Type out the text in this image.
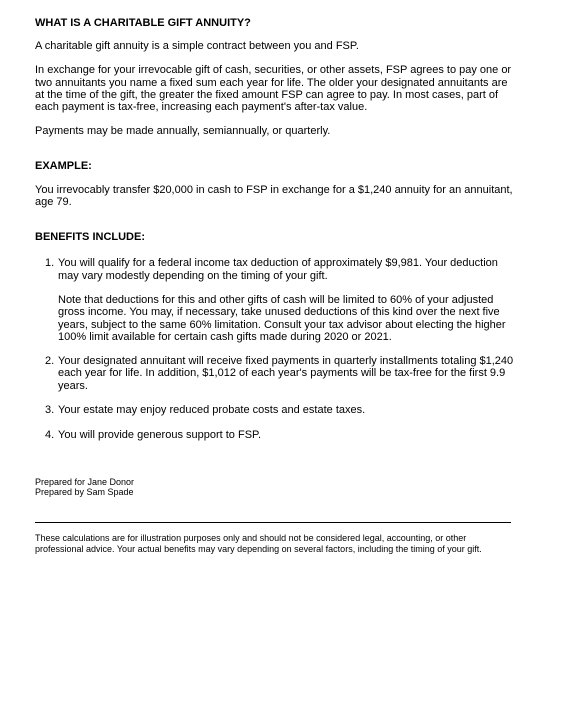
WHAT IS A CHARITABLE GIFT ANNUITY?

A charitable gift annuity is a simple contract between you and FSP.

In exchange for your irrevocable gift of cash, securities, or other assets, FSP agrees to pay one or two annuitants you name a fixed sum each year for life. The older your designated annuitants are at the time of the gift, the greater the fixed amount FSP can agree to pay. In most cases, part of each payment is tax-free, increasing each payment's after-tax value.

Payments may be made annually, semiannually, or quarterly.

EXAMPLE:

You irrevocably transfer $20,000 in cash to FSP in exchange for a $1,240 annuity for an annuitant, age 79.

BENEFITS INCLUDE:
1. You will qualify for a federal income tax deduction of approximately $9,981. Your deduction may vary modestly depending on the timing of your gift.
Note that deductions for this and other gifts of cash will be limited to 60% of your adjusted gross income. You may, if necessary, take unused deductions of this kind over the next five years, subject to the same 60% limitation. Consult your tax advisor about electing the higher 100% limit available for certain cash gifts made during 2020 or 2021.
2. Your designated annuitant will receive fixed payments in quarterly installments totaling $1,240 each year for life. In addition, $1,012 of each year's payments will be tax-free for the first 9.9 years.
3. Your estate may enjoy reduced probate costs and estate taxes.
4. You will provide generous support to FSP.

Prepared for Jane Donor

Prepared by Sam Spade

These calculations are for illustration purposes only and should not be considered legal, accounting, or other professional advice. Your actual benefits may vary depending on several factors, including the timing of your gift.
